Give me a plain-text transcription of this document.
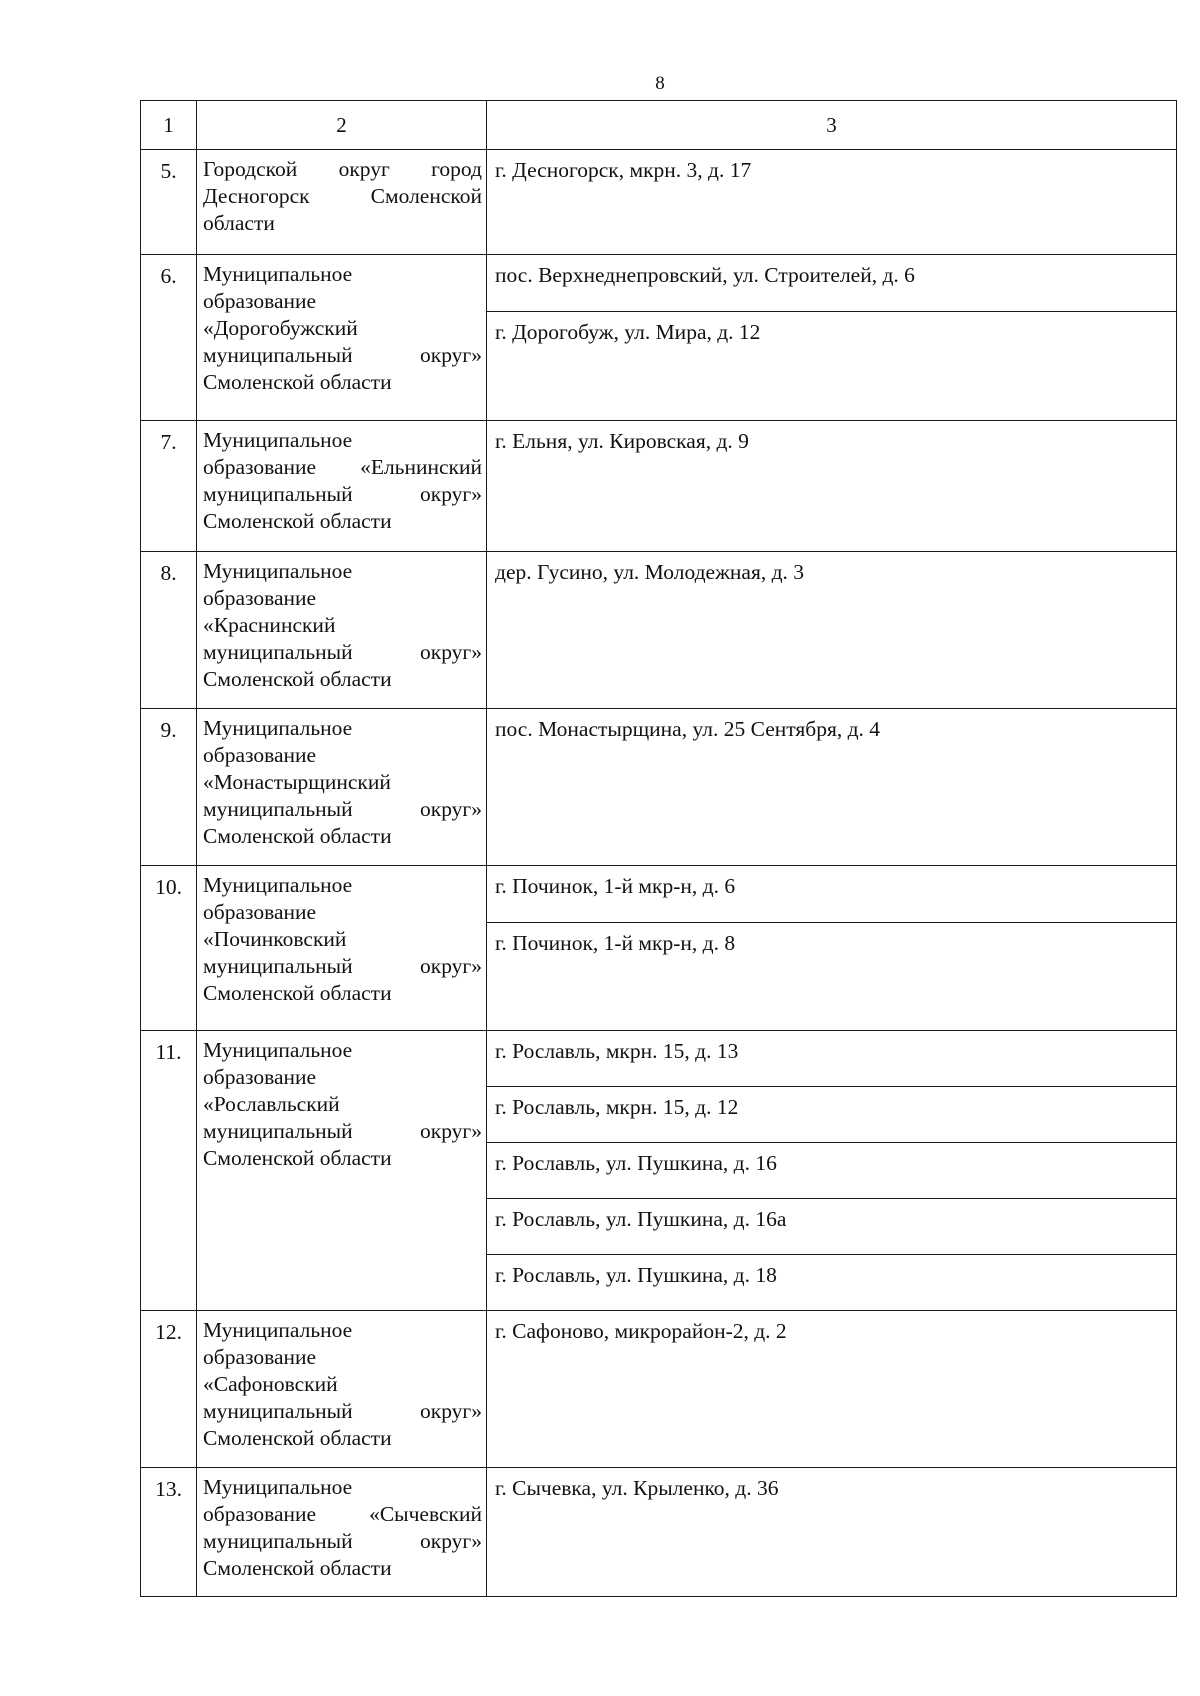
8
1	2	3
5.	Городской округ город
Десногорск Смоленской
области	г. Десногорск, мкрн. 3, д. 17
6.	Муниципальное
образование
«Дорогобужский
муниципальный округ»
Смоленской области	пос. Верхнеднепровский, ул. Строителей, д. 6
		г. Дорогобуж, ул. Мира, д. 12
7.	Муниципальное
образование «Ельнинский
муниципальный округ»
Смоленской области	г. Ельня, ул. Кировская, д. 9
8.	Муниципальное
образование
«Краснинский
муниципальный округ»
Смоленской области	дер. Гусино, ул. Молодежная, д. 3
9.	Муниципальное
образование
«Монастырщинский
муниципальный округ»
Смоленской области	пос. Монастырщина, ул. 25 Сентября, д. 4
10.	Муниципальное
образование
«Починковский
муниципальный округ»
Смоленской области	г. Починок, 1-й мкр-н, д. 6
		г. Починок, 1-й мкр-н, д. 8
11.	Муниципальное
образование
«Рославльский
муниципальный округ»
Смоленской области	г. Рославль, мкрн. 15, д. 13
		г. Рославль, мкрн. 15, д. 12
		г. Рославль, ул. Пушкина, д. 16
		г. Рославль, ул. Пушкина, д. 16а
		г. Рославль, ул. Пушкина, д. 18
12.	Муниципальное
образование
«Сафоновский
муниципальный округ»
Смоленской области	г. Сафоново, микрорайон-2, д. 2
13.	Муниципальное
образование «Сычевский
муниципальный округ»
Смоленской области	г. Сычевка, ул. Крыленко, д. 36
